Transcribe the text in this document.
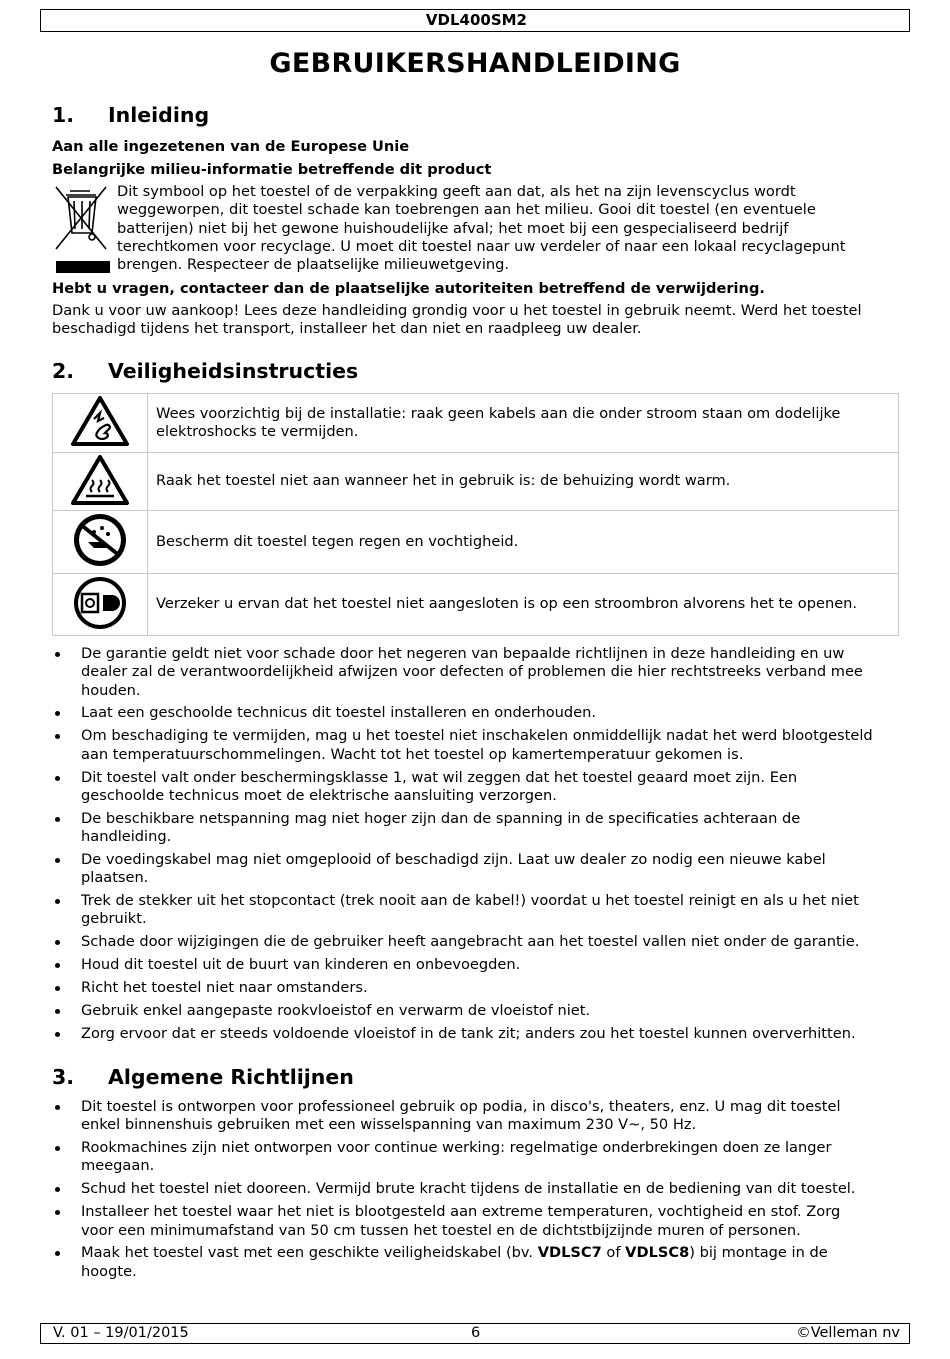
VDL400SM2
GEBRUIKERSHANDLEIDING
1. Inleiding
Aan alle ingezetenen van de Europese Unie
Belangrijke milieu-informatie betreffende dit product
Dit symbool op het toestel of de verpakking geeft aan dat, als het na zijn levenscyclus wordt
weggeworpen, dit toestel schade kan toebrengen aan het milieu. Gooi dit toestel (en eventuele
batterijen) niet bij het gewone huishoudelijke afval; het moet bij een gespecialiseerd bedrijf
terechtkomen voor recyclage. U moet dit toestel naar uw verdeler of naar een lokaal recyclagepunt
brengen. Respecteer de plaatselijke milieuwetgeving.
Hebt u vragen, contacteer dan de plaatselijke autoriteiten betreffend de verwijdering.
Dank u voor uw aankoop! Lees deze handleiding grondig voor u het toestel in gebruik neemt. Werd het toestel
beschadigd tijdens het transport, installeer het dan niet en raadpleeg uw dealer.
2. Veiligheidsinstructies

Wees voorzichtig bij de installatie: raak geen kabels aan die onder stroom staan om dodelijke
elektroshocks te vermijden.

	Raak het toestel niet aan wanneer het in gebruik is: de behuizing wordt warm.
	Bescherm dit toestel tegen regen en vochtigheid.
	Verzeker u ervan dat het toestel niet aangesloten is op een stroombron alvorens het te openen.
De garantie geldt niet voor schade door het negeren van bepaalde richtlijnen in deze handleiding en uw
dealer zal de verantwoordelijkheid afwijzen voor defecten of problemen die hier rechtstreeks verband mee
houden.
Laat een geschoolde technicus dit toestel installeren en onderhouden.
Om beschadiging te vermijden, mag u het toestel niet inschakelen onmiddellijk nadat het werd blootgesteld
aan temperatuurschommelingen. Wacht tot het toestel op kamertemperatuur gekomen is.
Dit toestel valt onder beschermingsklasse 1, wat wil zeggen dat het toestel geaard moet zijn. Een
geschoolde technicus moet de elektrische aansluiting verzorgen.
De beschikbare netspanning mag niet hoger zijn dan de spanning in de specificaties achteraan de
handleiding.
De voedingskabel mag niet omgeplooid of beschadigd zijn. Laat uw dealer zo nodig een nieuwe kabel
plaatsen.
Trek de stekker uit het stopcontact (trek nooit aan de kabel!) voordat u het toestel reinigt en als u het niet
gebruikt.
Schade door wijzigingen die de gebruiker heeft aangebracht aan het toestel vallen niet onder de garantie.
Houd dit toestel uit de buurt van kinderen en onbevoegden.
Richt het toestel niet naar omstanders.
Gebruik enkel aangepaste rookvloeistof en verwarm de vloeistof niet.
Zorg ervoor dat er steeds voldoende vloeistof in de tank zit; anders zou het toestel kunnen oververhitten.
3. Algemene Richtlijnen
Dit toestel is ontworpen voor professioneel gebruik op podia, in disco's, theaters, enz. U mag dit toestel
enkel binnenshuis gebruiken met een wisselspanning van maximum 230 V~, 50 Hz.
Rookmachines zijn niet ontworpen voor continue werking: regelmatige onderbrekingen doen ze langer
meegaan.
Schud het toestel niet dooreen. Vermijd brute kracht tijdens de installatie en de bediening van dit toestel.
Installeer het toestel waar het niet is blootgesteld aan extreme temperaturen, vochtigheid en stof. Zorg
voor een minimumafstand van 50 cm tussen het toestel en de dichtstbijzijnde muren of personen.
Maak het toestel vast met een geschikte veiligheidskabel (bv. VDLSC7 of VDLSC8) bij montage in de
hoogte.
V. 01 – 19/01/2015	6	©Velleman nv
